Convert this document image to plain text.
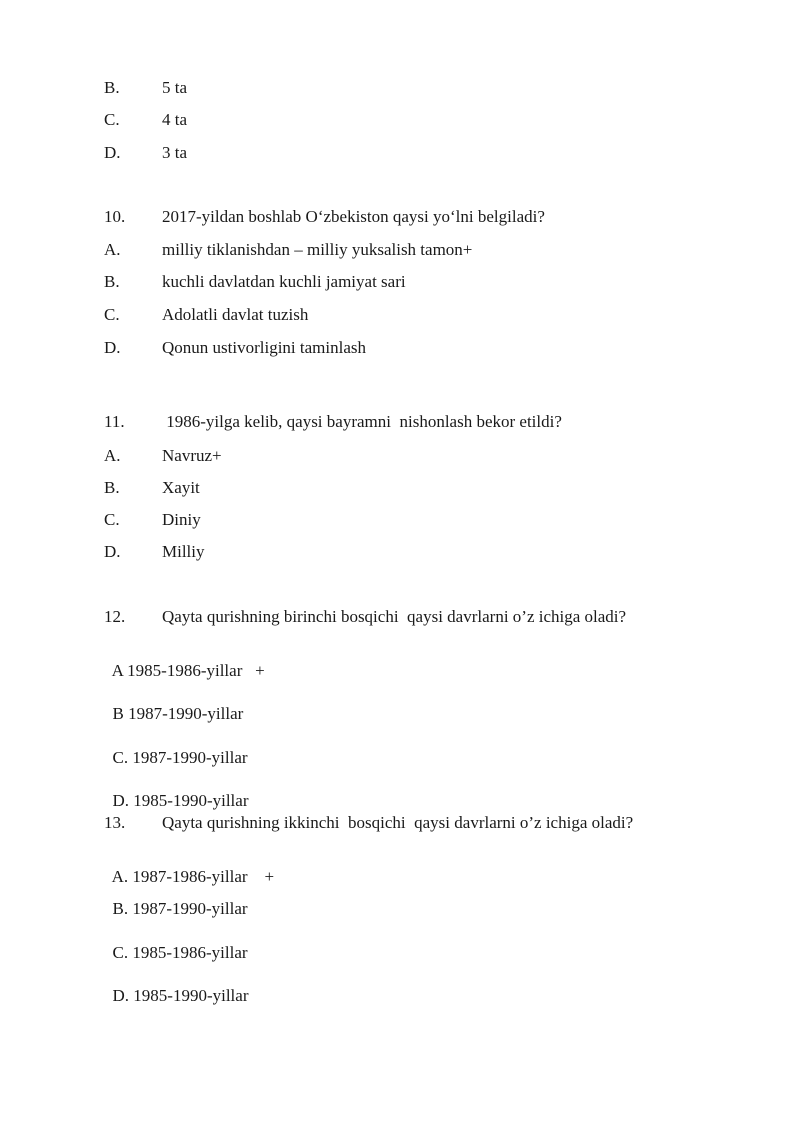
B.

5 ta

C.

4 ta

D.

3 ta

10.

2017-yildan boshlab O‘zbekiston qaysi yo‘lni belgiladi?

A.

milliy tiklanishdan – milliy yuksalish tamon+

B.

kuchli davlatdan kuchli jamiyat sari

C.

Adolatli davlat tuzish

D.

Qonun ustivorligini taminlash

11.

1986-yilga kelib, qaysi bayramni  nishonlash bekor etildi?

A.

Navruz+

B.

Xayit

C.

Diniy

D.

Milliy

12.

Qayta qurishning birinchi bosqichi  qaysi davrlarni o’z ichiga oladi?

A 1985-1986-yillar   +

B 1987-1990-yillar

C. 1987-1990-yillar

D. 1985-1990-yillar

13.

Qayta qurishning ikkinchi  bosqichi  qaysi davrlarni o’z ichiga oladi?

A. 1987-1986-yillar    +

B. 1987-1990-yillar

C. 1985-1986-yillar

D. 1985-1990-yillar
